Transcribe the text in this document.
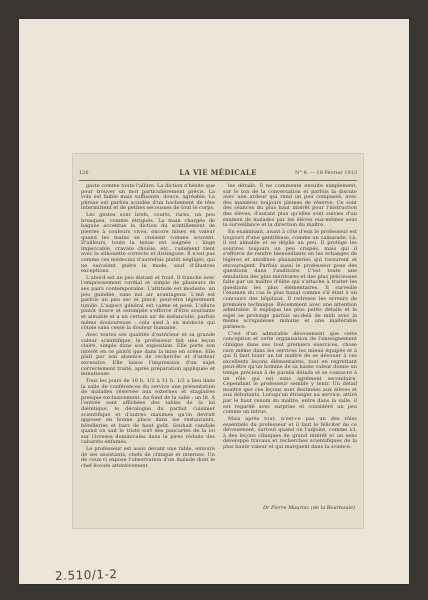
126	LA VIE MÉDICALE	N° 8. — 19 Février 1913

gaste comme toute l'allure. La diction n'hésite que pour trouver un mot particulièrement précis. La voix est faible mais suffisante, douce, agréable. La phrase est parfois scindée d'un hochement de tête intermittent et de petites secousses de tout le corps.

Les gestes sont brefs, courts, rares, un peu brusques, comme étriqués. La main chargée de bagues accentue la diction du scintillement de pierres à couleurs vives, encore mises en valeur quand les mains se croisent comme souvent. D'ailleurs, toute la tenue est soignée : linge impeccable, cravate choisie, etc., rudement tient avec la silhouette correcte et distinguée. Il n'est pas comme ces médecins d'autrefois plutôt négligés, qui ne suivaient guère la mode, sauf d'illustres exceptions.

L'abord est un peu distant et froid. Il tranche avec l'empressement cordial et simple de plusieurs de ses pairs contemporains. L'attitude est modeste, un peu guindée, sans nul air avantageux. L'œil est parfois un peu sec et pincé, peut-être légèrement timide. L'aspect général est calme et posé. L'allure plutôt douce et estompée s'efforce d'être souriante et aimable et a un certain air de mélancolie, parfois même douloureuse ; cela sied à un médecin qui côtoie sans cesse la douleur humaine.

Avec toutes ses qualités d'extérieur et sa grande valeur scientifique, le professeur fait une leçon claire, simple dans son exposition. Elle porte son intérêt en ce plutôt que dans la mise en scène. Elle plaît par son absence de recherche et d'ardeur excessive. Elle laisse l'impression d'un sujet correctement traité, après préparation appliquée et minutieuse.

Tous les jours de 10 h. 1/2 à 11 h. 1/2 a lieu dans la salle de conférences du service une présentation de malades réservée aux externes et stagiaires presque exclusivement. Au fond de la salle : un lit. À l'entrée sont affichées des tables de la lui diététique, le décalogue du parfait cuisinier scientifique et d'autres maximes qu'on devrait apposer en bonne place dans les restaurants, hôtelleries et bars de haut goût. Souhait candide quand on sait le triste sort des pancartes de la loi sur l'ivresse dominicales dans le pires réduits des cabarets enfumés.

Le professeur est assis devant une table, entouré de ses assistants, chefs de clinique et internes. Un de ceux-ci expose l'observation d'un malade dont le chef écoute attentivement

les détails. Il ne commente ensuite simplement, sur le ton de la conversation et parfois la discute avec une ardeur qui rend un peu compassé, avec des manières toujours pleines de réserve. Ce sont des séances du plus haut intérêt pour l'instruction des élèves, d'autant plus qu'elles sont suivies d'un examen de malades par les élèves eux-mêmes sous la surveillance et la direction du maître.

En examinant, avant à côté d'eux le professeur est toujours d'une gentillesse, comme un camarade. Là, il est aimable et se déplie un peu. Il protège les sourires toujours un peu crispés, mais qui il s'efforce de rendre bienveillants en les échanges de légères et anodines plaisanteries qui rassurent et encouragent. Parfois aussi le professeur pose des questions dans l'auditoire. C'est toute une émulation des plus méritoires et des plus précieuses faite par un maître d'élite qui s'attache à traiter les questions les plus élémentaires. Il surveille l'examen du cas le plus banal comme s'il était à un concours des hôpitaux. Il redresse les erreurs de première technique. Récemment avec une attention admirable. Il explique les plus petits détails et le sujet se prolonge parfois au-delà de midi avec la même scrupuleuse minutie et une inaltérable patience.

C'est d'un admirable dévouement que cette conception et cette organisation de l'enseignement clinique dans ses tout premiers exercices, chose rare même dans les services les mieux équipés et à qui Il faut louer un tel maître de se dévouer à ces excellents leçons élémentaires, tout en regrettant peut-être qu'un homme de sa haute valeur donne un temps précieux à de pareils détails et se consacre à un rôle qui est sans agrément secondaire. Cependant le professeur semble y tenir. Un détail montre que ces leçons sont destinées aux élèves et aux débutants. Lorsqu'un étranger au service, attiré par le haut renom du maître, entre dans la salle, il est regardé avec surprise et considéré un peu comme un intrus.

Mais après tout, n'est-ce pas un des rôles essentiels du professeur et il faut le féliciter de ce dévouement, surtout quand on l'adjoint, comme ici, à des leçons cliniques de grand intérêt et un sens développé travaux et recherches scientifiques de la plus haute valeur et qui marquent dans la science.

Dr Pierre Mauriac (de la Bourboule)
2.510/1-2
